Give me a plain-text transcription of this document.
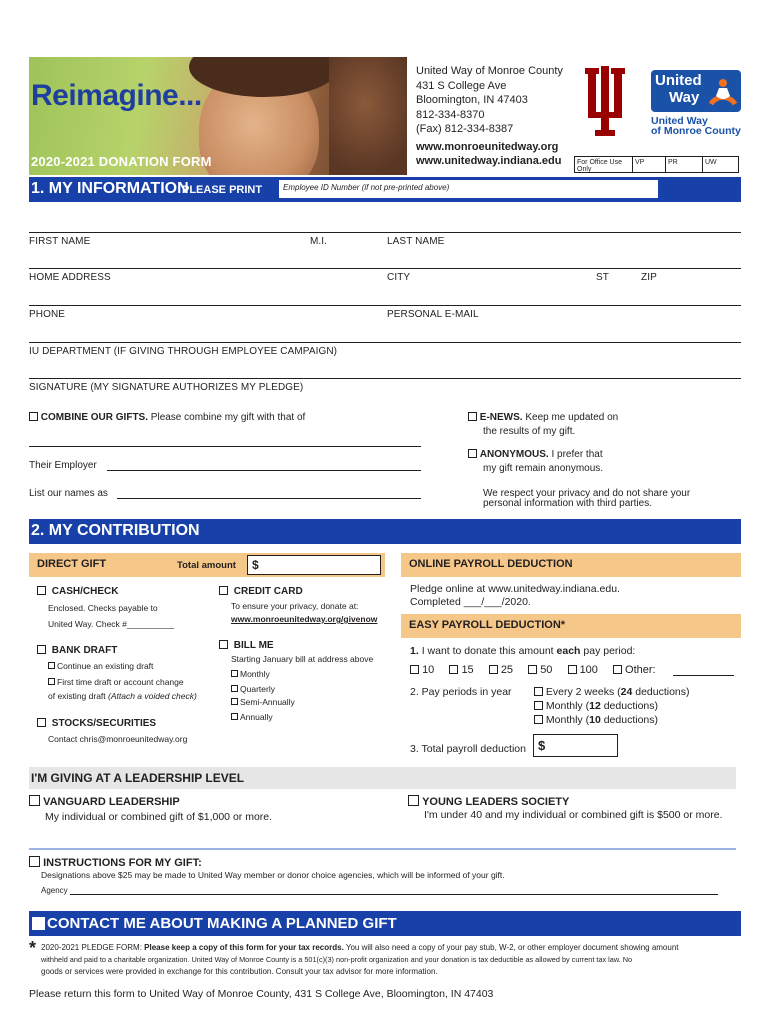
Reimagine...
2020-2021 DONATION FORM
United Way of Monroe County
431 S College Ave
Bloomington, IN 47403
812-334-8370
(Fax) 812-334-8387
www.monroeunitedway.org
www.unitedway.indiana.edu
United
Way
United Way
of Monroe County
For Office Use Only
VP	PR	UW
1. MY INFORMATION
PLEASE PRINT	Employee ID Number (if not pre-printed above)
FIRST NAME	M.I.	LAST NAME
HOME ADDRESS	CITY	ST	ZIP
PHONE	PERSONAL E-MAIL
IU DEPARTMENT (IF GIVING THROUGH EMPLOYEE CAMPAIGN)
SIGNATURE (MY SIGNATURE AUTHORIZES MY PLEDGE)
COMBINE OUR GIFTS. Please combine my gift with that of
Their Employer
List our names as
E-NEWS. Keep me updated on
the results of my gift.
ANONYMOUS. I prefer that
my gift remain anonymous.
We respect your privacy and do not share your
personal information with third parties.
2. MY CONTRIBUTION
DIRECT GIFT	Total amount $
CASH/CHECK
Enclosed. Checks payable to
United Way. Check #__________
CREDIT CARD
To ensure your privacy, donate at:
www.monroeunitedway.org/givenow
BANK DRAFT
Continue an existing draft
First time draft or account change
of existing draft (Attach a voided check)
BILL ME
Starting January bill at address above
Monthly
Quarterly
Semi-Annually
Annually
STOCKS/SECURITIES
Contact chris@monroeunitedway.org
ONLINE PAYROLL DEDUCTION
Pledge online at www.unitedway.indiana.edu.
Completed ___/___/2020.
EASY PAYROLL DEDUCTION*
1. I want to donate this amount each pay period:
10 15 25 50 100 Other:
2. Pay periods in year	Every 2 weeks (24 deductions)
Monthly (12 deductions)
Monthly (10 deductions)
3. Total payroll deduction $
I'M GIVING AT A LEADERSHIP LEVEL
VANGUARD LEADERSHIP
My individual or combined gift of $1,000 or more.
YOUNG LEADERS SOCIETY
I'm under 40 and my individual or combined gift is $500 or more.
INSTRUCTIONS FOR MY GIFT:
Designations above $25 may be made to United Way member or donor choice agencies, which will be informed of your gift.
Agency
CONTACT ME ABOUT MAKING A PLANNED GIFT
* 2020-2021 PLEDGE FORM: Please keep a copy of this form for your tax records. You will also need a copy of your pay stub, W-2, or other employer document showing amount
withheld and paid to a charitable organization. United Way of Monroe County is a 501(c)(3) non-profit organization and your donation is tax deductible as allowed by current tax law. No
goods or services were provided in exchange for this contribution. Consult your tax advisor for more information.
Please return this form to United Way of Monroe County, 431 S College Ave, Bloomington, IN 47403
